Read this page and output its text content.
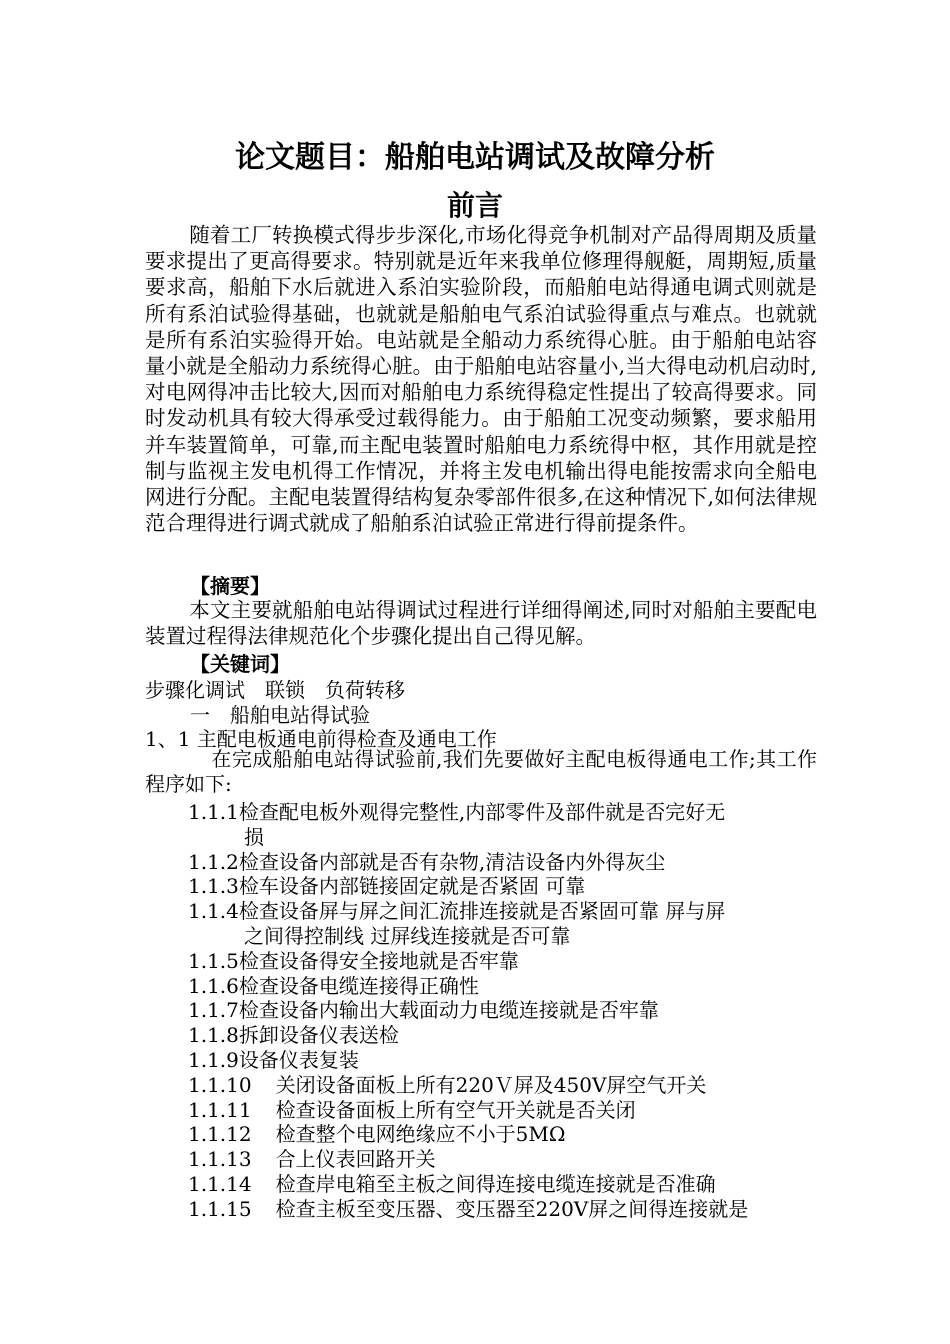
论文题目：船舶电站调试及故障分析
前言
随着工厂转换模式得步步深化,市场化得竞争机制对产品得周期及质量要求提出了更高得要求。特别就是近年来我单位修理得舰艇，周期短,质量要求高，船舶下水后就进入系泊实验阶段，而船舶电站得通电调式则就是所有系泊试验得基础，也就就是船舶电气系泊试验得重点与难点。也就就是所有系泊实验得开始。电站就是全船动力系统得心脏。由于船舶电站容量小就是全船动力系统得心脏。由于船舶电站容量小,当大得电动机启动时,对电网得冲击比较大,因而对船舶电力系统得稳定性提出了较高得要求。同时发动机具有较大得承受过载得能力。由于船舶工况变动频繁，要求船用并车装置简单，可靠,而主配电装置时船舶电力系统得中枢，其作用就是控制与监视主发电机得工作情况，并将主发电机输出得电能按需求向全船电网进行分配。主配电装置得结构复杂零部件很多,在这种情况下,如何法律规范合理得进行调式就成了船舶系泊试验正常进行得前提条件。
【摘要】
本文主要就船舶电站得调试过程进行详细得阐述,同时对船舶主要配电装置过程得法律规范化个步骤化提出自己得见解。
【关键词】
步骤化调试　联锁　负荷转移
一　船舶电站得试验
1、1 主配电板通电前得检查及通电工作
在完成船舶电站得试验前,我们先要做好主配电板得通电工作;其工作程序如下:
1.1.1检查配电板外观得完整性,内部零件及部件就是否完好无
损
1.1.2检查设备内部就是否有杂物,清洁设备内外得灰尘
1.1.3检车设备内部链接固定就是否紧固 可靠
1.1.4检查设备屏与屏之间汇流排连接就是否紧固可靠 屏与屏
之间得控制线 过屏线连接就是否可靠
1.1.5检查设备得安全接地就是否牢靠
1.1.6检查设备电缆连接得正确性
1.1.7检查设备内输出大载面动力电缆连接就是否牢靠
1.1.8拆卸设备仪表送检
1.1.9设备仪表复装
1.1.10 关闭设备面板上所有220Ｖ屏及450V屏空气开关
1.1.11 检查设备面板上所有空气开关就是否关闭
1.1.12 检查整个电网绝缘应不小于5MΩ
1.1.13 合上仪表回路开关
1.1.14 检查岸电箱至主板之间得连接电缆连接就是否准确
1.1.15 检查主板至变压器、变压器至220V屏之间得连接就是
